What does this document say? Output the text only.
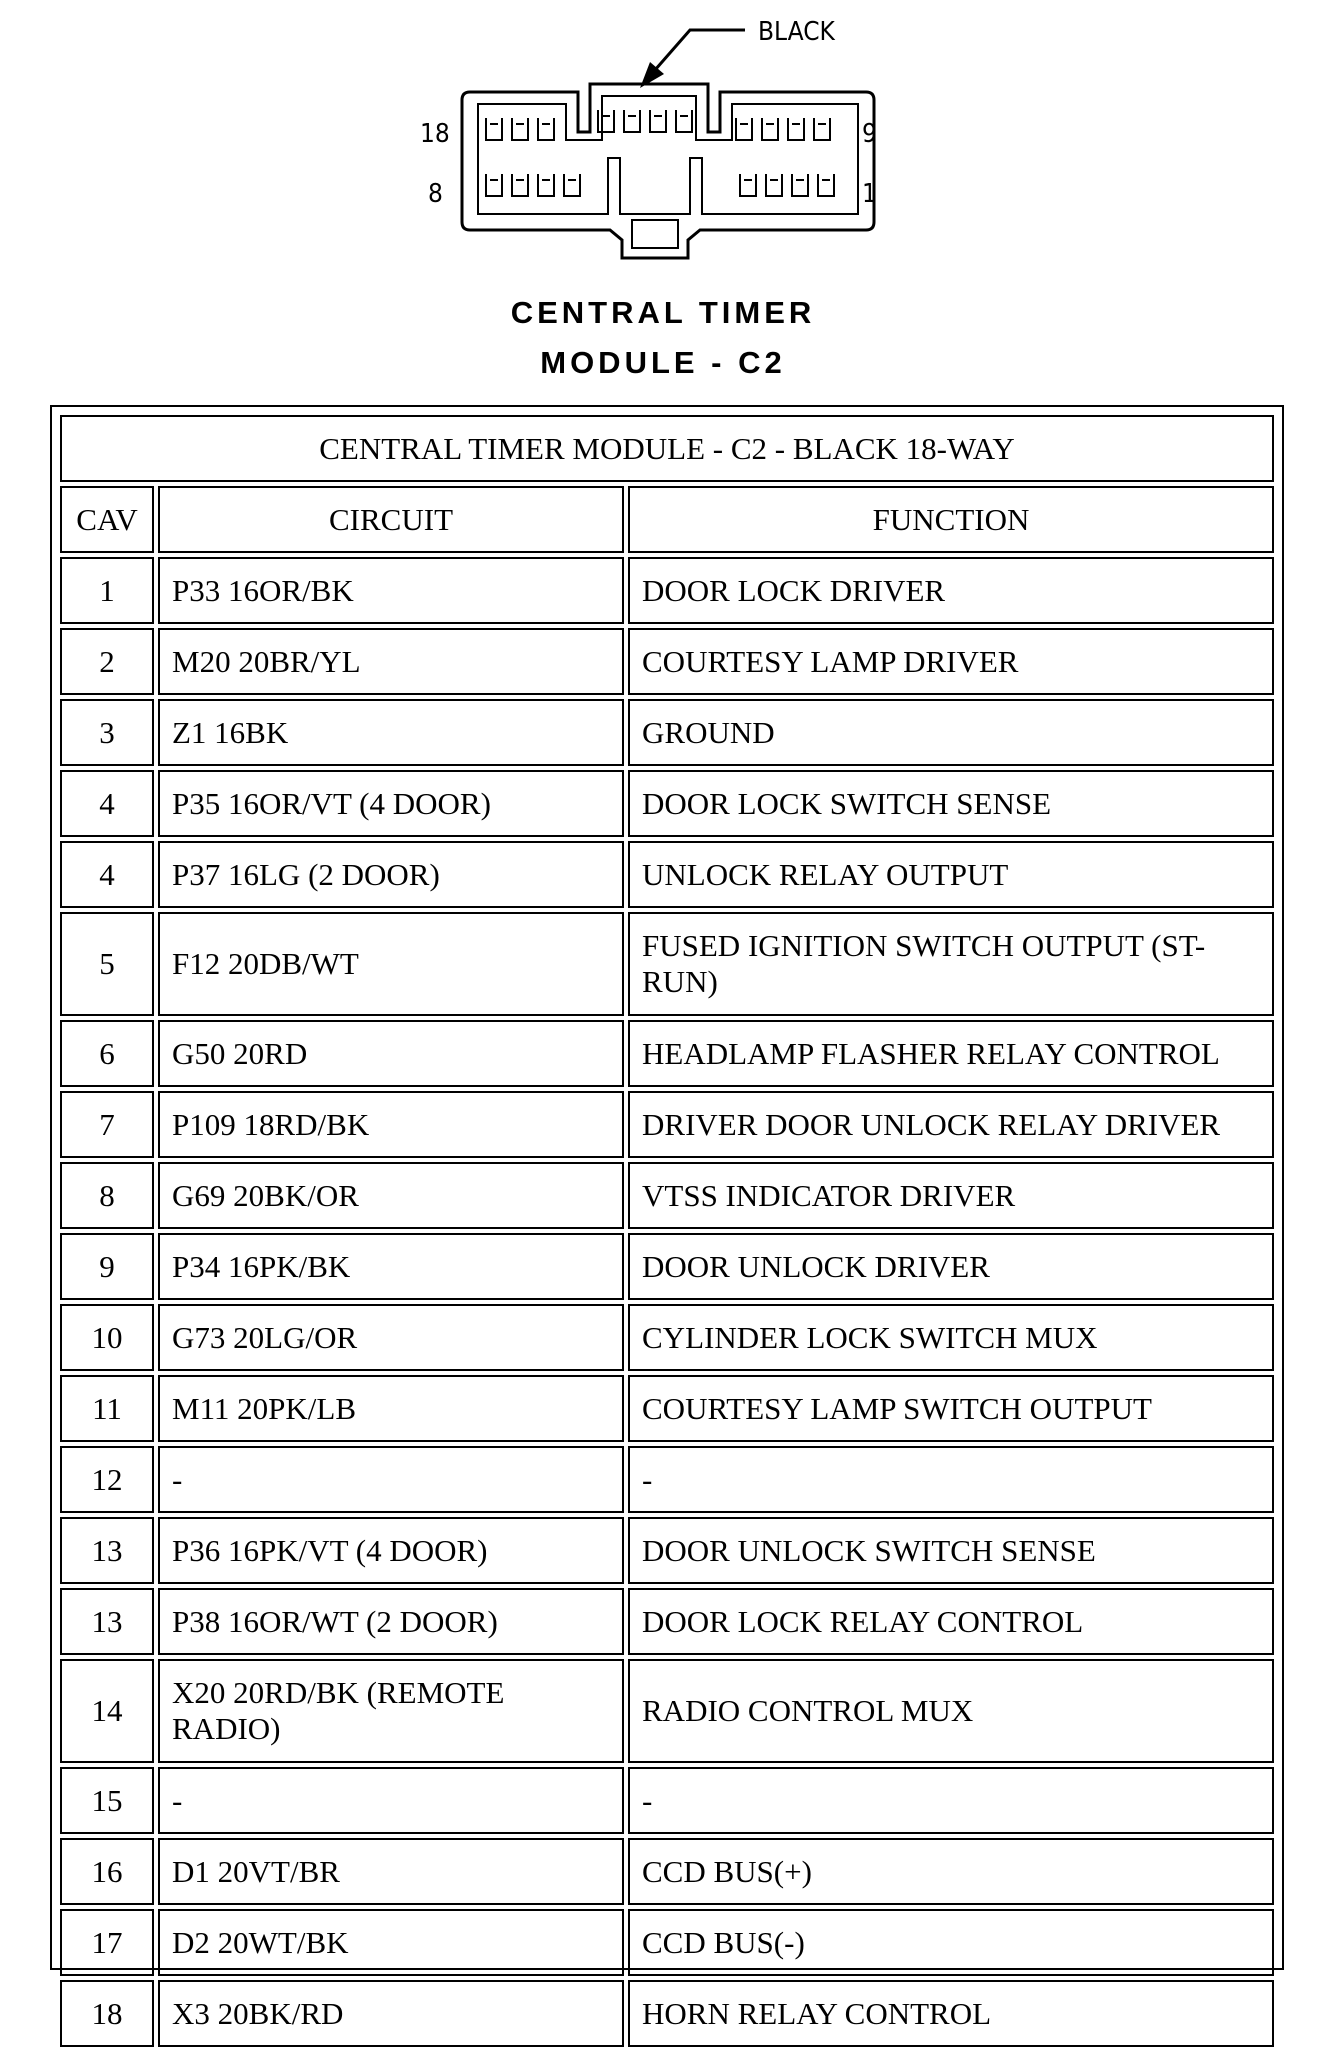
BLACK
18	9
8	1
CENTRAL TIMER
MODULE - C2
CENTRAL TIMER MODULE - C2 - BLACK 18-WAY		
CAV	CIRCUIT	FUNCTION
1	P33 16OR/BK	DOOR LOCK DRIVER
2	M20 20BR/YL	COURTESY LAMP DRIVER
3	Z1 16BK	GROUND
4	P35 16OR/VT (4 DOOR)	DOOR LOCK SWITCH SENSE
4	P37 16LG (2 DOOR)	UNLOCK RELAY OUTPUT
5	F12 20DB/WT	FUSED IGNITION SWITCH OUTPUT (ST-RUN)
6	G50 20RD	HEADLAMP FLASHER RELAY CONTROL
7	P109 18RD/BK	DRIVER DOOR UNLOCK RELAY DRIVER
8	G69 20BK/OR	VTSS INDICATOR DRIVER
9	P34 16PK/BK	DOOR UNLOCK DRIVER
10	G73 20LG/OR	CYLINDER LOCK SWITCH MUX
11	M11 20PK/LB	COURTESY LAMP SWITCH OUTPUT
12	-	-
13	P36 16PK/VT (4 DOOR)	DOOR UNLOCK SWITCH SENSE
13	P38 16OR/WT (2 DOOR)	DOOR LOCK RELAY CONTROL
14	X20 20RD/BK (REMOTE RADIO)	RADIO CONTROL MUX
15	-	-
16	D1 20VT/BR	CCD BUS(+)
17	D2 20WT/BK	CCD BUS(-)
18	X3 20BK/RD	HORN RELAY CONTROL
